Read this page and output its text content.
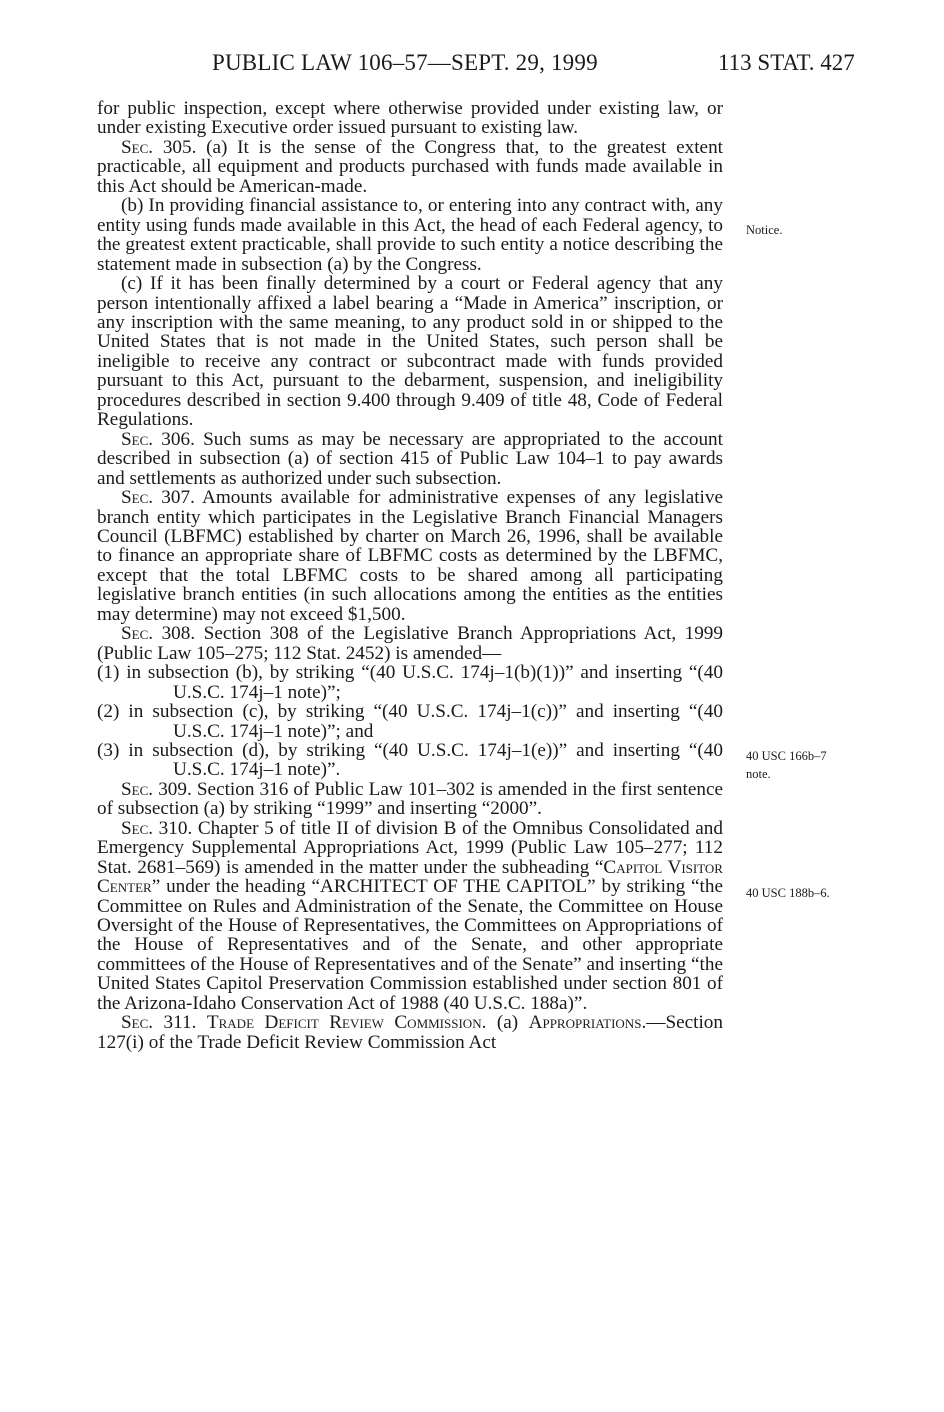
PUBLIC LAW 106–57—SEPT. 29, 1999	113 STAT. 427
Notice.
40 USC 166b–7
note.
40 USC 188b–6.

for public inspection, except where otherwise provided under existing law, or under existing Executive order issued pursuant to existing law.

Sec. 305. (a) It is the sense of the Congress that, to the greatest extent practicable, all equipment and products purchased with funds made available in this Act should be American-made.

(b) In providing financial assistance to, or entering into any contract with, any entity using funds made available in this Act, the head of each Federal agency, to the greatest extent practicable, shall provide to such entity a notice describing the statement made in subsection (a) by the Congress.

(c) If it has been finally determined by a court or Federal agency that any person intentionally affixed a label bearing a “Made in America” inscription, or any inscription with the same meaning, to any product sold in or shipped to the United States that is not made in the United States, such person shall be ineligible to receive any contract or subcontract made with funds provided pursuant to this Act, pursuant to the debarment, suspension, and ineligibility procedures described in section 9.400 through 9.409 of title 48, Code of Federal Regulations.

Sec. 306. Such sums as may be necessary are appropriated to the account described in subsection (a) of section 415 of Public Law 104–1 to pay awards and settlements as authorized under such subsection.

Sec. 307. Amounts available for administrative expenses of any legislative branch entity which participates in the Legislative Branch Financial Managers Council (LBFMC) established by charter on March 26, 1996, shall be available to finance an appropriate share of LBFMC costs as determined by the LBFMC, except that the total LBFMC costs to be shared among all participating legislative branch entities (in such allocations among the entities as the entities may determine) may not exceed $1,500.

Sec. 308. Section 308 of the Legislative Branch Appropriations Act, 1999 (Public Law 105–275; 112 Stat. 2452) is amended—

(1) in subsection (b), by striking “(40 U.S.C. 174j–1(b)(1))” and inserting “(40 U.S.C. 174j–1 note)”;

(2) in subsection (c), by striking “(40 U.S.C. 174j–1(c))” and inserting “(40 U.S.C. 174j–1 note)”; and

(3) in subsection (d), by striking “(40 U.S.C. 174j–1(e))” and inserting “(40 U.S.C. 174j–1 note)”.

Sec. 309. Section 316 of Public Law 101–302 is amended in the first sentence of subsection (a) by striking “1999” and inserting “2000”.

Sec. 310. Chapter 5 of title II of division B of the Omnibus Consolidated and Emergency Supplemental Appropriations Act, 1999 (Public Law 105–277; 112 Stat. 2681–569) is amended in the matter under the subheading “Capitol Visitor Center” under the heading “ARCHITECT OF THE CAPITOL” by striking “the Committee on Rules and Administration of the Senate, the Committee on House Oversight of the House of Representatives, the Committees on Appropriations of the House of Representatives and of the Senate, and other appropriate committees of the House of Representatives and of the Senate” and inserting “the United States Capitol Preservation Commission established under section 801 of the Arizona-Idaho Conservation Act of 1988 (40 U.S.C. 188a)”.

Sec. 311. Trade Deficit Review Commission. (a) Appropriations.—Section 127(i) of the Trade Deficit Review Commission Act
